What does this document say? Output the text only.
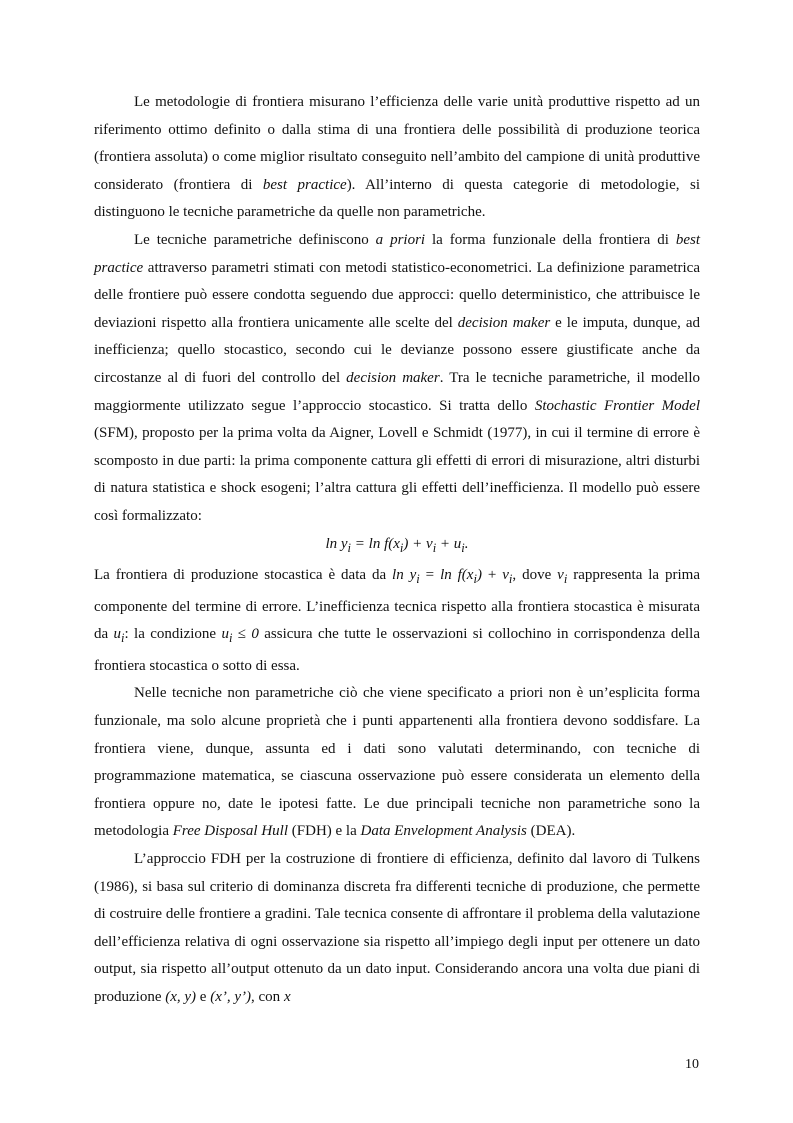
Le metodologie di frontiera misurano l’efficienza delle varie unità produttive rispetto ad un riferimento ottimo definito o dalla stima di una frontiera delle possibilità di produzione teorica (frontiera assoluta) o come miglior risultato conseguito nell’ambito del campione di unità produttive considerato (frontiera di best practice). All’interno di questa categorie di metodologie, si distinguono le tecniche parametriche da quelle non parametriche.

Le tecniche parametriche definiscono a priori la forma funzionale della frontiera di best practice attraverso parametri stimati con metodi statistico-econometrici. La definizione parametrica delle frontiere può essere condotta seguendo due approcci: quello deterministico, che attribuisce le deviazioni rispetto alla frontiera unicamente alle scelte del decision maker e le imputa, dunque, ad inefficienza; quello stocastico, secondo cui le devianze possono essere giustificate anche da circostanze al di fuori del controllo del decision maker. Tra le tecniche parametriche, il modello maggiormente utilizzato segue l’approccio stocastico. Si tratta dello Stochastic Frontier Model (SFM), proposto per la prima volta da Aigner, Lovell e Schmidt (1977), in cui il termine di errore è scomposto in due parti: la prima componente cattura gli effetti di errori di misurazione, altri disturbi di natura statistica e shock esogeni; l’altra cattura gli effetti dell’inefficienza. Il modello può essere così formalizzato:

$\ln y_i = \ln f(x_i) + v_i + u_i$.

La frontiera di produzione stocastica è data da $\ln y_i = \ln f(x_i) + v_i$, dove $v_i$ rappresenta la prima componente del termine di errore. L’inefficienza tecnica rispetto alla frontiera stocastica è misurata da $u_i$: la condizione $u_i \le 0$ assicura che tutte le osservazioni si collochino in corrispondenza della frontiera stocastica o sotto di essa.

Nelle tecniche non parametriche ciò che viene specificato a priori non è un’esplicita forma funzionale, ma solo alcune proprietà che i punti appartenenti alla frontiera devono soddisfare. La frontiera viene, dunque, assunta ed i dati sono valutati determinando, con tecniche di programmazione matematica, se ciascuna osservazione può essere considerata un elemento della frontiera oppure no, date le ipotesi fatte. Le due principali tecniche non parametriche sono la metodologia Free Disposal Hull (FDH) e la Data Envelopment Analysis (DEA).

L’approccio FDH per la costruzione di frontiere di efficienza, definito dal lavoro di Tulkens (1986), si basa sul criterio di dominanza discreta fra differenti tecniche di produzione, che permette di costruire delle frontiere a gradini. Tale tecnica consente di affrontare il problema della valutazione dell’efficienza relativa di ogni osservazione sia rispetto all’impiego degli input per ottenere un dato output, sia rispetto all’output ottenuto da un dato input. Considerando ancora una volta due piani di produzione (x, y) e (x’, y’), con x

10
